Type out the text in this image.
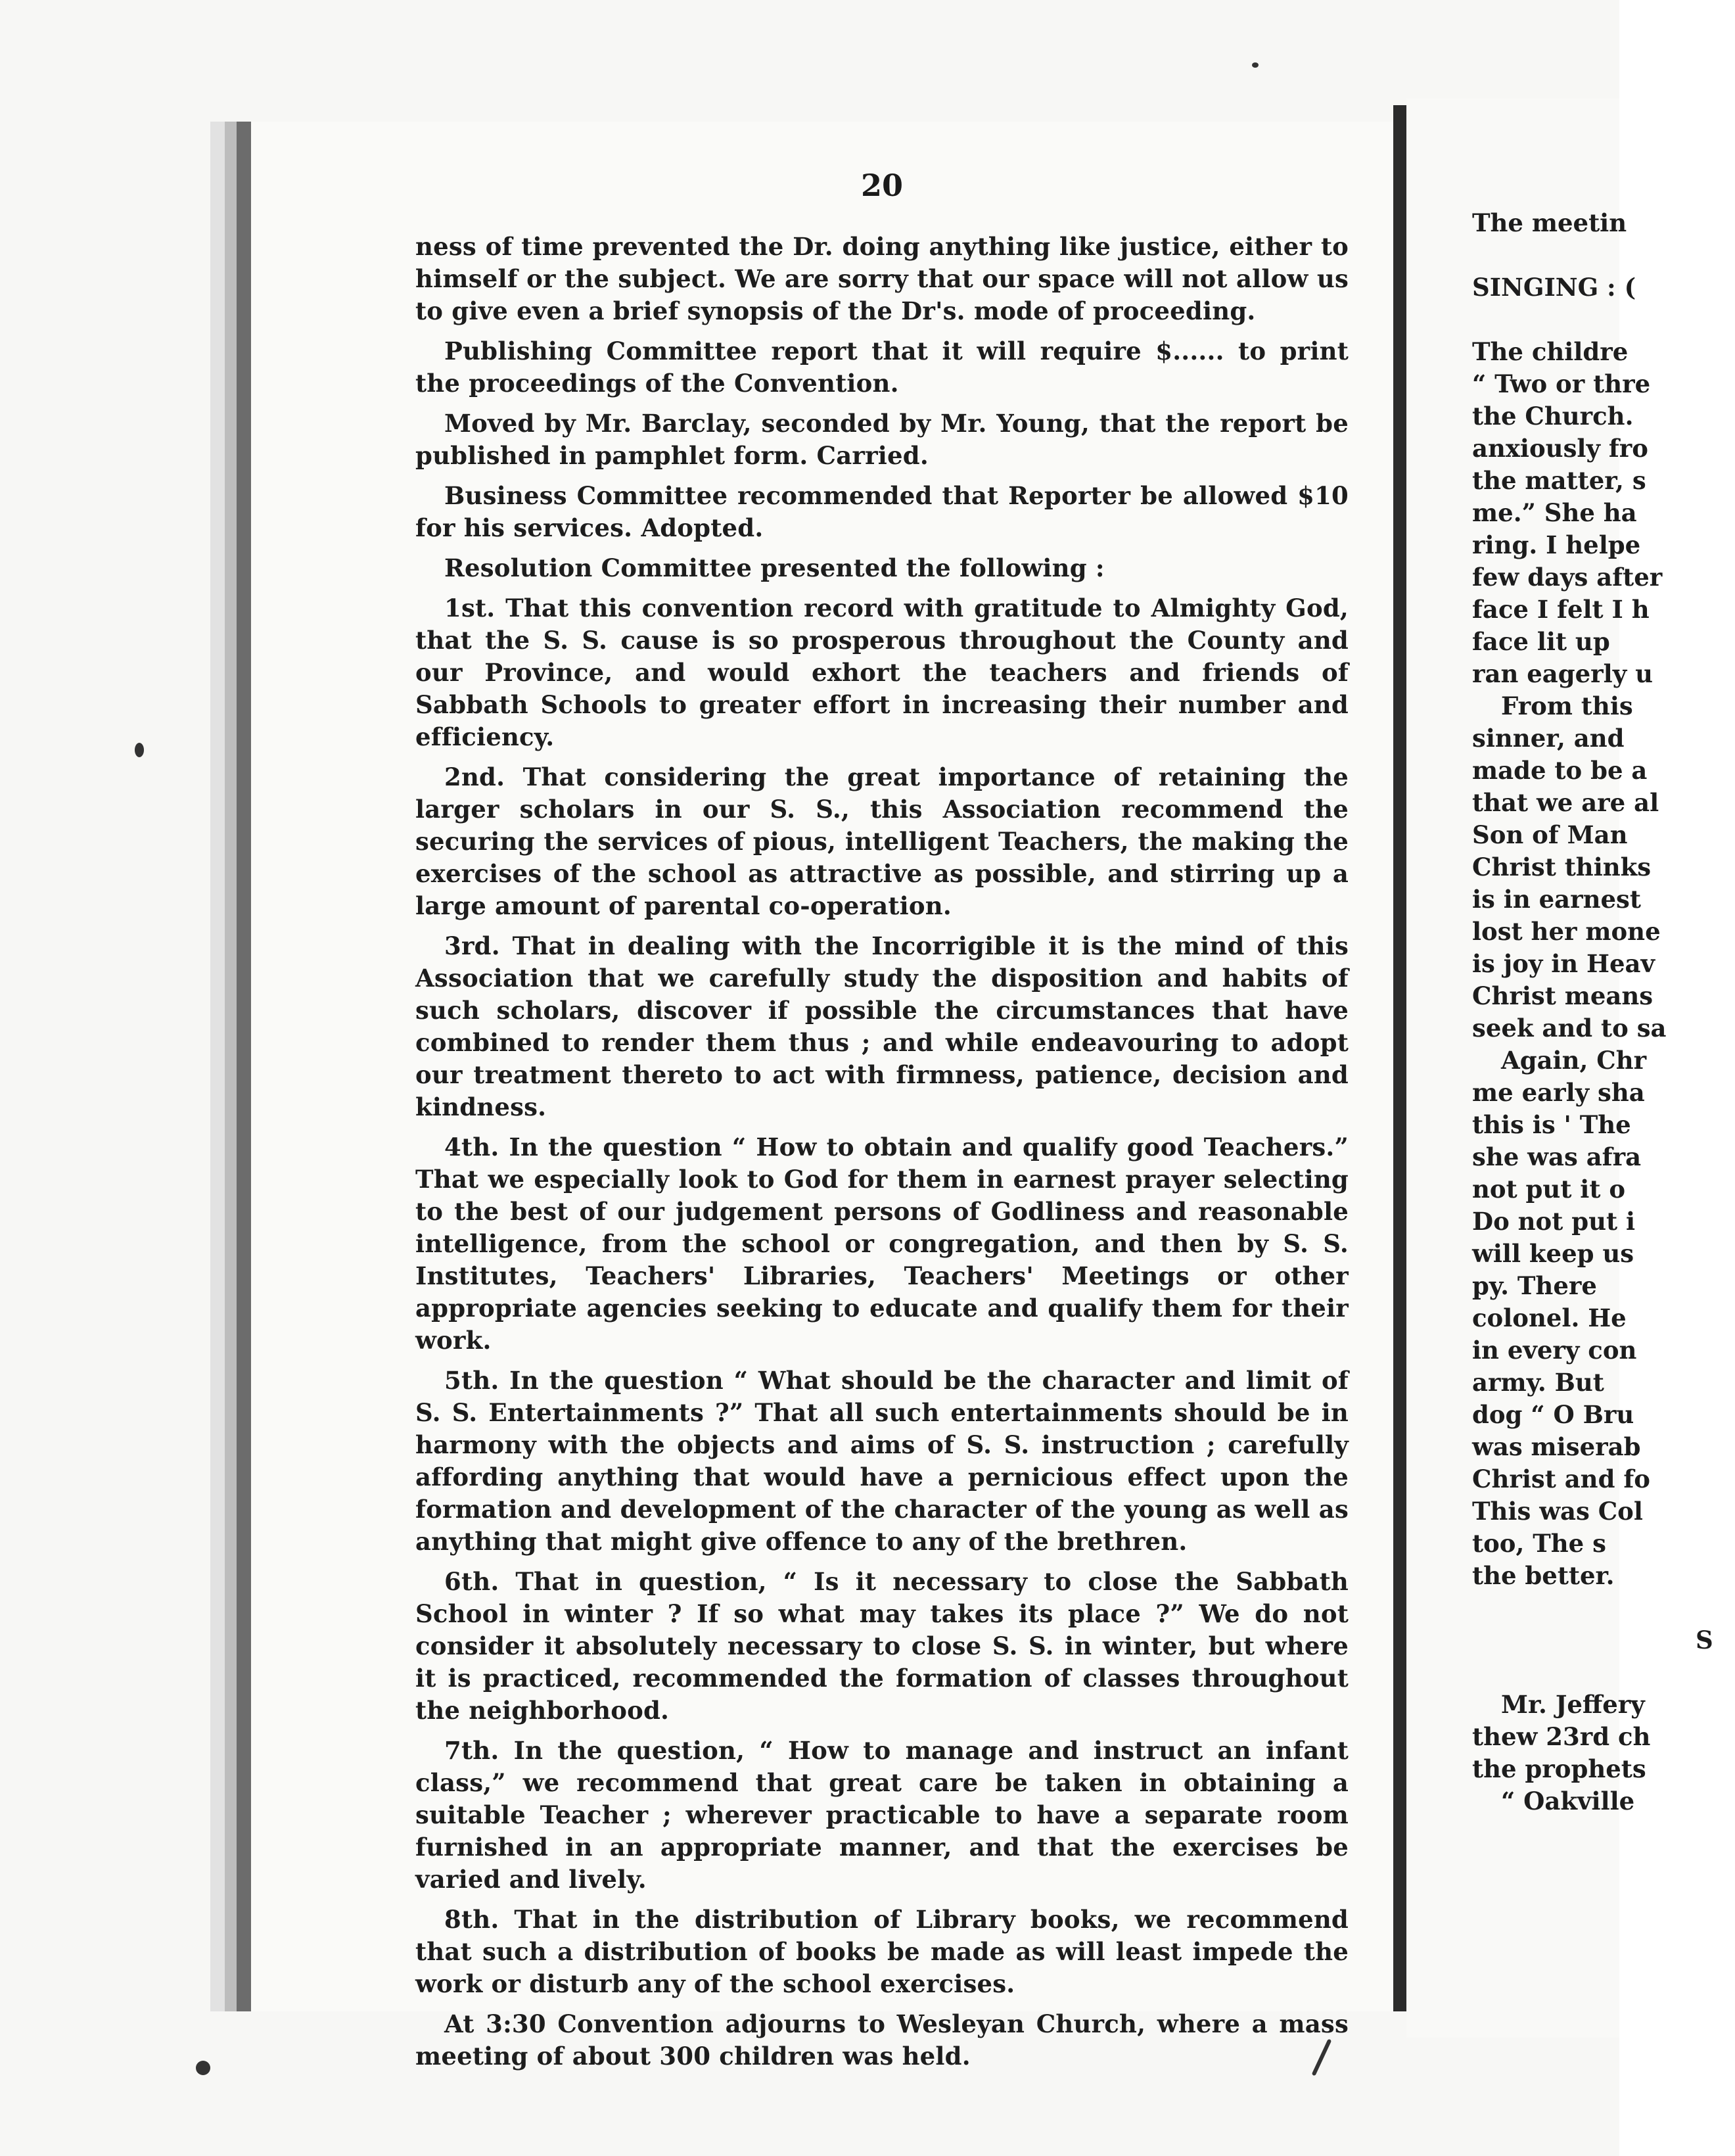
20

ness of time prevented the Dr. doing anything like justice, either to himself or the subject. We are sorry that our space will not allow us to give even a brief synopsis of the Dr's. mode of proceeding.

Publishing Committee report that it will require $...... to print the proceedings of the Convention.

Moved by Mr. Barclay, seconded by Mr. Young, that the report be published in pamphlet form. Carried.

Business Committee recommended that Reporter be allowed $10 for his services. Adopted.

Resolution Committee presented the following :

1st. That this convention record with gratitude to Almighty God, that the S. S. cause is so prosperous throughout the County and our Province, and would exhort the teachers and friends of Sabbath Schools to greater effort in increasing their number and efficiency.

2nd. That considering the great importance of retaining the larger scholars in our S. S., this Association recommend the securing the services of pious, intelligent Teachers, the making the exercises of the school as attractive as possible, and stirring up a large amount of parental co-operation.

3rd. That in dealing with the Incorrigible it is the mind of this Association that we carefully study the disposition and habits of such scholars, discover if possible the circumstances that have combined to render them thus ; and while endeavouring to adopt our treatment thereto to act with firmness, patience, decision and kindness.

4th. In the question “ How to obtain and qualify good Teachers.” That we especially look to God for them in earnest prayer selecting to the best of our judgement persons of Godliness and reasonable intelligence, from the school or congregation, and then by S. S. Institutes, Teachers' Libraries, Teachers' Meetings or other appropriate agencies seeking to educate and qualify them for their work.

5th. In the question “ What should be the character and limit of S. S. Entertainments ?” That all such entertainments should be in harmony with the objects and aims of S. S. instruction ; carefully affording anything that would have a pernicious effect upon the formation and development of the character of the young as well as anything that might give offence to any of the brethren.

6th. That in question, “ Is it necessary to close the Sabbath School in winter ? If so what may takes its place ?” We do not consider it absolutely necessary to close S. S. in winter, but where it is practiced, recommended the formation of classes throughout the neighborhood.

7th. In the question, “ How to manage and instruct an infant class,” we recommend that great care be taken in obtaining a suitable Teacher ; wherever practicable to have a separate room furnished in an appropriate manner, and that the exercises be varied and lively.

8th. That in the distribution of Library books, we recommend that such a distribution of books be made as will least impede the work or disturb any of the school exercises.

At 3:30 Convention adjourns to Wesleyan Church, where a mass meeting of about 300 children was held.

The meetin
SINGING : (
The childre
“ Two or thre
the Church.
anxiously fro
the matter, s
me.” She ha
ring. I helpe
few days after
face I felt I h
face lit up
ran eagerly u
From this
sinner, and
made to be a
that we are al
Son of Man
Christ thinks
is in earnest
lost her mone
is joy in Heav
Christ means
seek and to sa
Again, Chr
me early sha
this is ' The
she was afra
not put it o
Do not put i
will keep us
py. There
colonel. He
in every con
army. But
dog “ O Bru
was miserab
Christ and fo
This was Col
too, The s
the better.
S
Mr. Jeffery
thew 23rd ch
the prophets
“ Oakville
